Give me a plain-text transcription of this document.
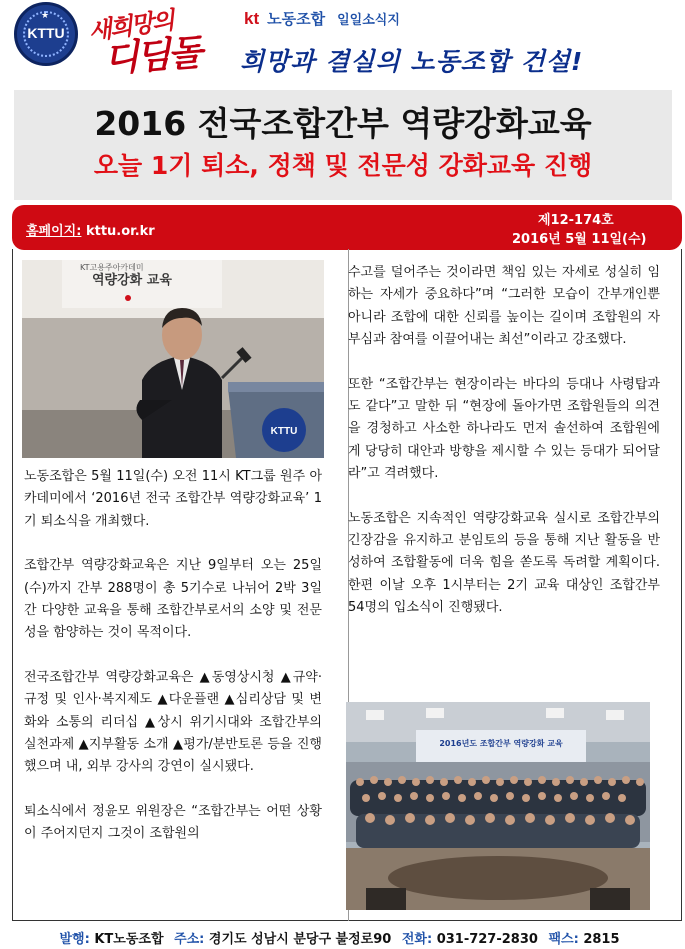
★
KTTU 새희망의
디딤돌
kt 노동조합 일일소식지
희망과 결실의 노동조합 건설!
2016 전국조합간부 역량강화교육
오늘 1기 퇴소, 정책 및 전문성 강화교육 진행
홈페이지: kttu.or.kr
제12-174호
2016년 5월 11일(수)
KT고용주아카데미
역량강화 교육
KTTU

노동조합은 5월 11일(수) 오전 11시 KT그룹 원주 아카데미에서 ‘2016년 전국 조합간부 역량강화교육’ 1기 퇴소식을 개최했다.

조합간부 역량강화교육은 지난 9일부터 오는 25일(수)까지 간부 288명이 총 5기수로 나뉘어 2박 3일간 다양한 교육을 통해 조합간부로서의 소양 및 전문성을 함양하는 것이 목적이다.

전국조합간부 역량강화교육은 ▲동영상시청 ▲규약·규정 및 인사·복지제도 ▲다운플랜 ▲심리상담 및 변화와 소통의 리더십 ▲상시 위기시대와 조합간부의 실천과제 ▲지부활동 소개 ▲평가/분반토론 등을 진행했으며 내, 외부 강사의 강연이 실시됐다.

퇴소식에서 정윤모 위원장은 “조합간부는 어떤 상황이 주어지던지 그것이 조합원의

수고를 덜어주는 것이라면 책임 있는 자세로 성실히 임하는 자세가 중요하다”며 “그러한 모습이 간부개인뿐 아니라 조합에 대한 신뢰를 높이는 길이며 조합원의 자부심과 참여를 이끌어내는 최선”이라고 강조했다.

또한 “조합간부는 현장이라는 바다의 등대나 사령탑과도 같다”고 말한 뒤 “현장에 돌아가면 조합원들의 의견을 경청하고 사소한 하나라도 먼저 솔선하여 조합원에게 당당히 대안과 방향을 제시할 수 있는 등대가 되어달라”고 격려했다.

노동조합은 지속적인 역량강화교육 실시로 조합간부의 긴장감을 유지하고 분임토의 등을 통해 지난 활동을 반성하여 조합활동에 더욱 힘을 쏟도록 독려할 계획이다. 한편 이날 오후 1시부터는 2기 교육 대상인 조합간부 54명의 입소식이 진행됐다.

2016년도 조합간부 역량강화 교육
발행: KT노동조합 주소: 경기도 성남시 분당구 불정로90 전화: 031-727-2830 팩스: 2815
